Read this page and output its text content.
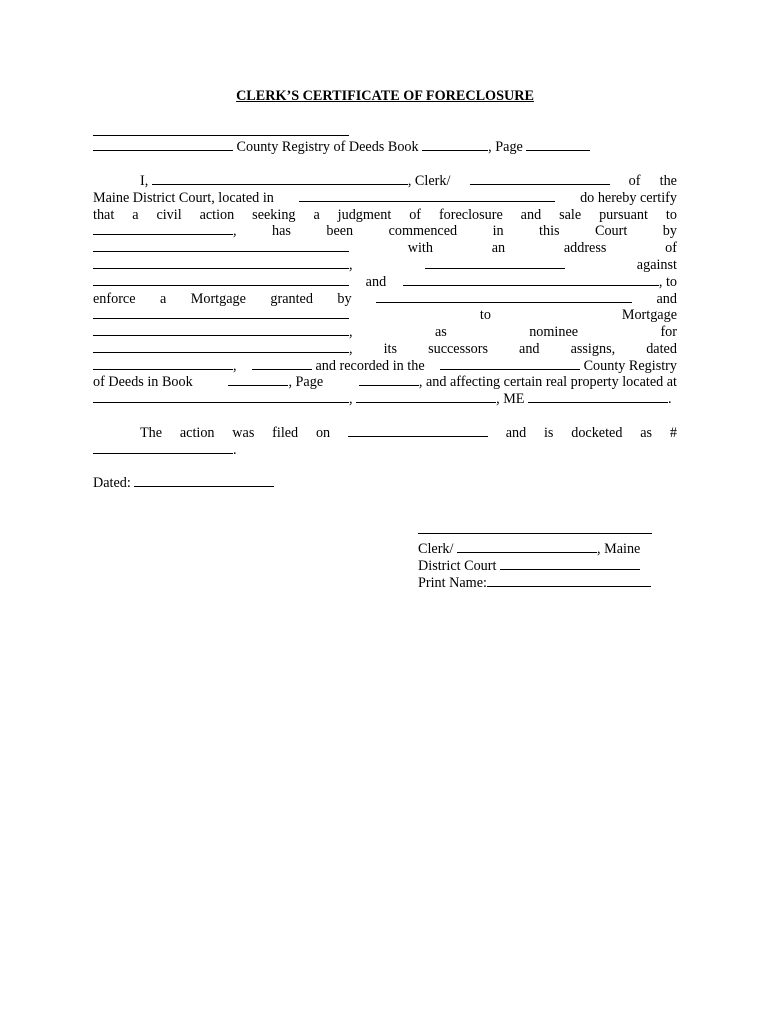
CLERK’S CERTIFICATE OF FORECLOSURE

County Registry of Deeds Book	, Page
I,	, Clerk/	of the
Maine District Court, located in	do hereby certify
that a civil action seeking a judgment of foreclosure and sale pursuant to
, has been commenced in this Court by
with	an	address	of
,	against
and	, to
enforce a Mortgage granted by	and
to	Mortgage
,	as	nominee	for
, its successors and assigns, dated
,	and recorded in the	County Registry
of Deeds in Book	, Page	, and affecting certain real property located at
,
	, ME
	.
The action was filed on	and is docketed as #
.
Dated:
Clerk/	, Maine
District Court
Print Name:
